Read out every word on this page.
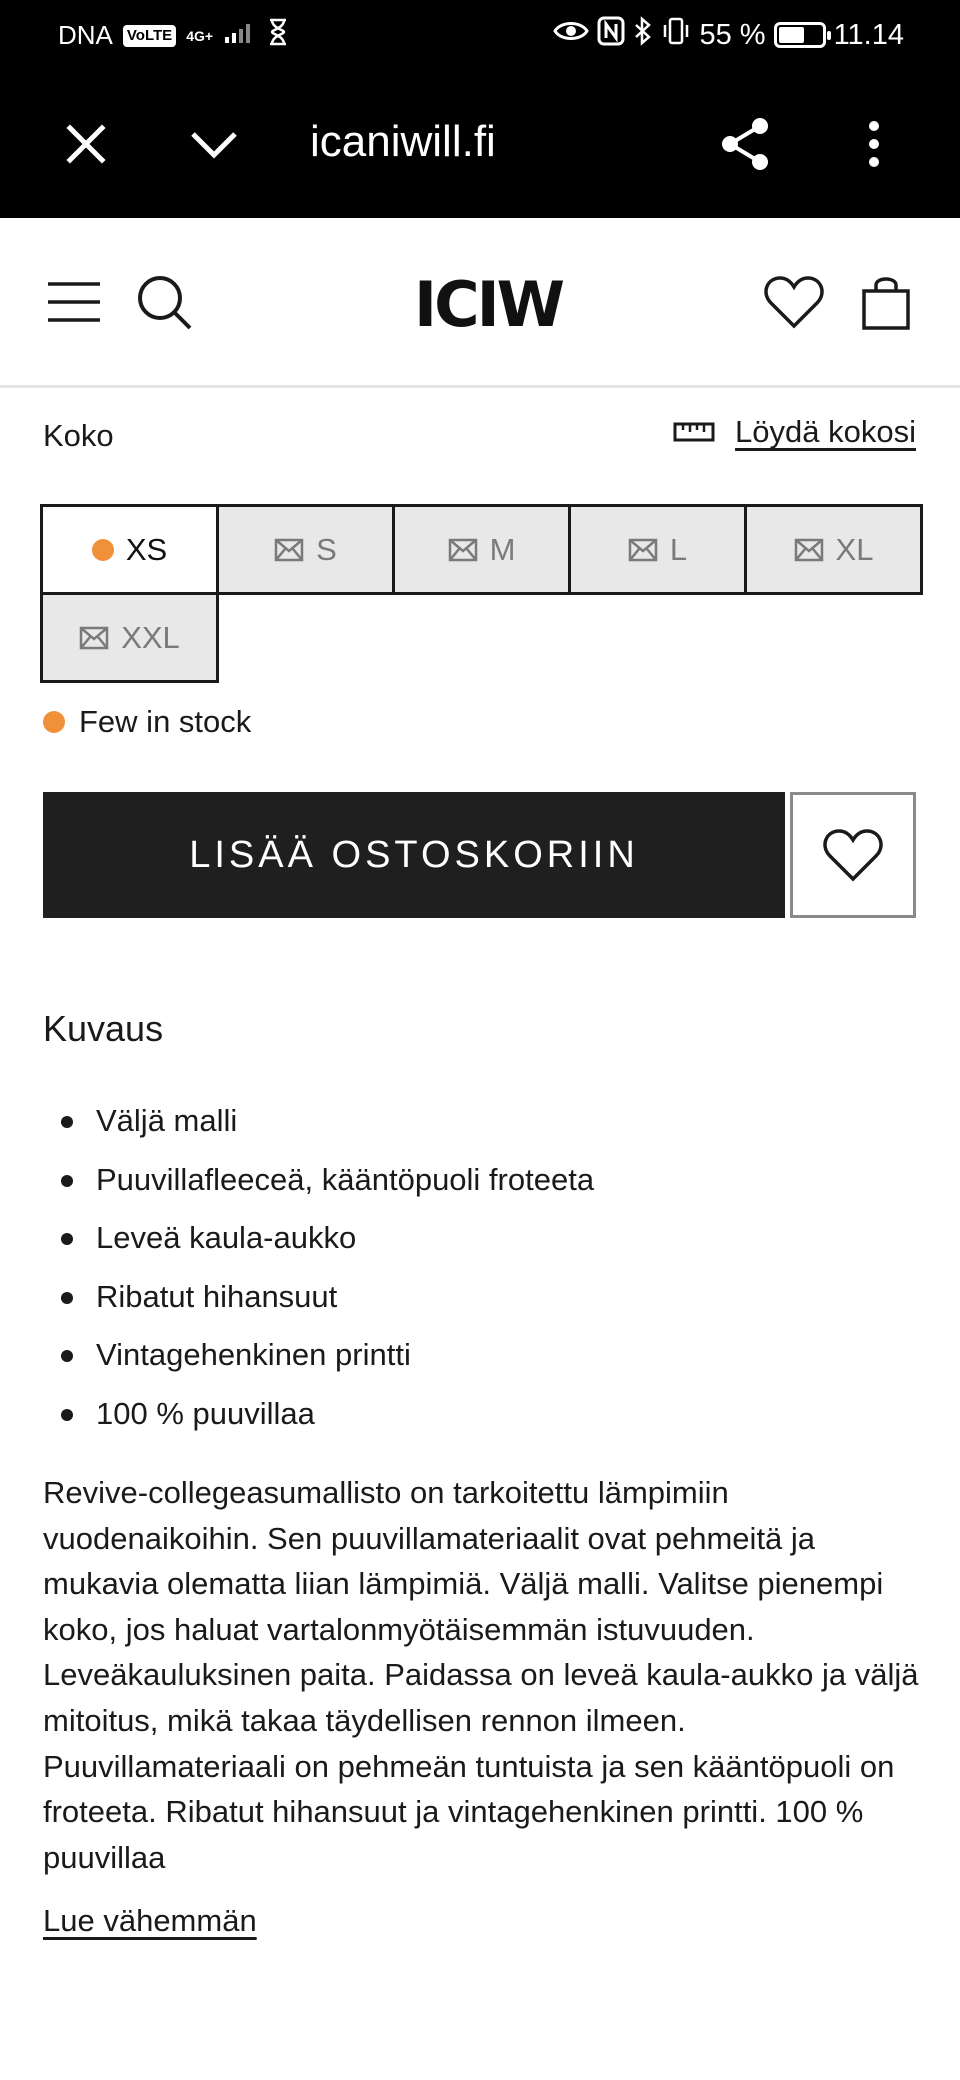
DNA VoLTE 4G+	55 % 11.14
icaniwill.fi
ICIW
Koko	Löydä kokosi
XS	S	M	L	XL
XXL
Few in stock
LISÄÄ OSTOSKORIIN
Kuvaus
Väljä malli
Puuvillafleeceä, kääntöpuoli froteeta
Leveä kaula-aukko
Ribatut hihansuut
Vintagehenkinen printti
100 % puuvillaa

Revive-collegeasumallisto on tarkoitettu lämpimiin vuodenaikoihin. Sen puuvillamateriaalit ovat pehmeitä ja mukavia olematta liian lämpimiä. Väljä malli. Valitse pienempi koko, jos haluat vartalonmyötäisemmän istuvuuden. Leveäkauluksinen paita. Paidassa on leveä kaula-aukko ja väljä mitoitus, mikä takaa täydellisen rennon ilmeen. Puuvillamateriaali on pehmeän tuntuista ja sen kääntöpuoli on froteeta. Ribatut hihansuut ja vintagehenkinen printti. 100 % puuvillaa

Lue vähemmän
